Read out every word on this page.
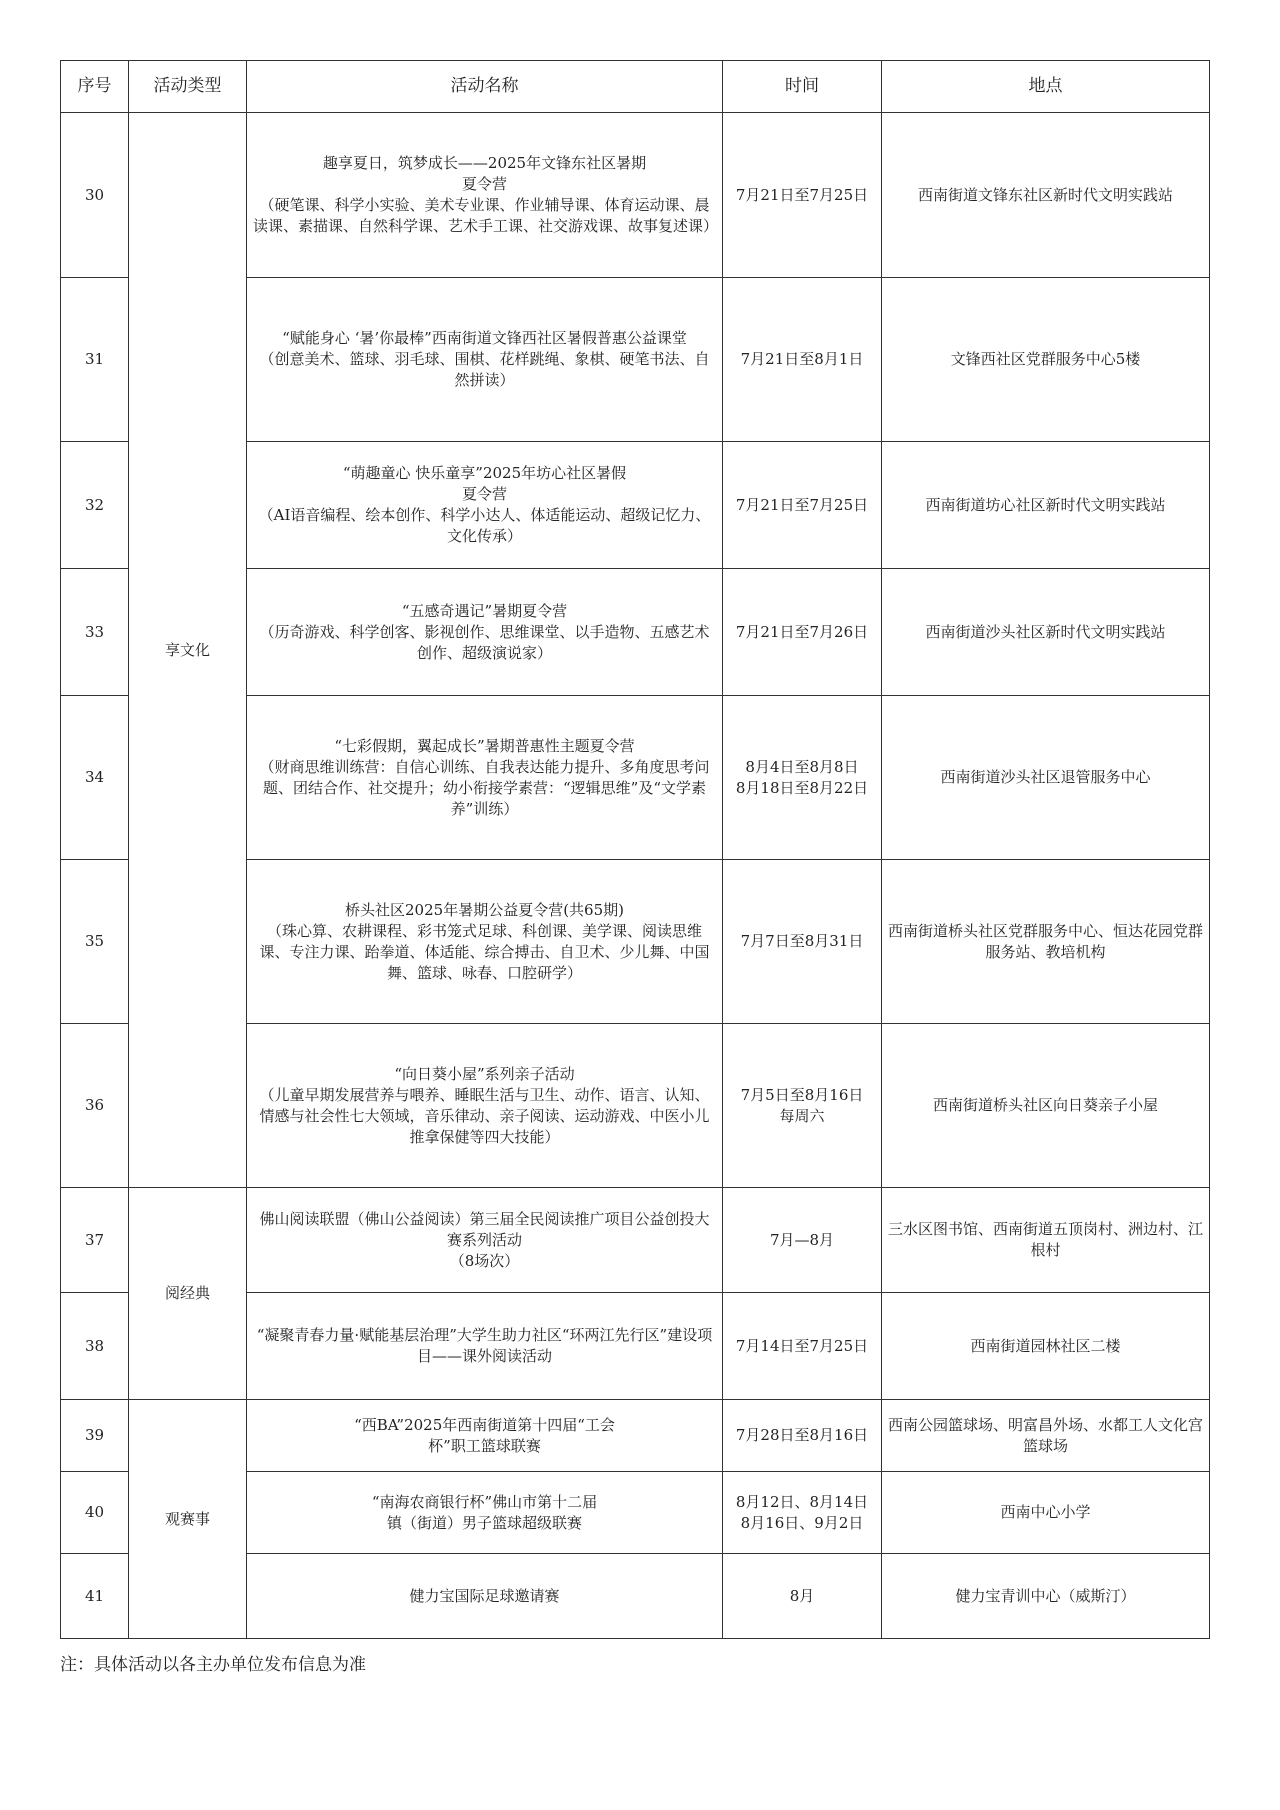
序号	活动类型	活动名称	时间	地点
30	享文化	趣享夏日，筑梦成长——2025年文锋东社区暑期
夏令营
（硬笔课、科学小实验、美术专业课、作业辅导课、体育运动课、晨读课、素描课、自然科学课、艺术手工课、社交游戏课、故事复述课）	7月21日至7月25日	西南街道文锋东社区新时代文明实践站
31		“赋能身心 ‘暑’你最棒”西南街道文锋西社区暑假普惠公益课堂
（创意美术、篮球、羽毛球、围棋、花样跳绳、象棋、硬笔书法、自然拼读）	7月21日至8月1日	文锋西社区党群服务中心5楼
32		“萌趣童心 快乐童享”2025年坊心社区暑假
夏令营
（AI语音编程、绘本创作、科学小达人、体适能运动、超级记忆力、文化传承）	7月21日至7月25日	西南街道坊心社区新时代文明实践站
33		“五感奇遇记”暑期夏令营
（历奇游戏、科学创客、影视创作、思维课堂、以手造物、五感艺术创作、超级演说家）	7月21日至7月26日	西南街道沙头社区新时代文明实践站
34		“七彩假期，翼起成长”暑期普惠性主题夏令营
（财商思维训练营：自信心训练、自我表达能力提升、多角度思考问题、团结合作、社交提升；幼小衔接学素营：“逻辑思维”及“文学素养”训练）	8月4日至8月8日
8月18日至8月22日	西南街道沙头社区退管服务中心
35		桥头社区2025年暑期公益夏令营(共65期)
（珠心算、农耕课程、彩书笼式足球、科创课、美学课、阅读思维课、专注力课、跆拳道、体适能、综合搏击、自卫术、少儿舞、中国舞、篮球、咏春、口腔研学）	7月7日至8月31日	西南街道桥头社区党群服务中心、恒达花园党群服务站、教培机构
36		“向日葵小屋”系列亲子活动
（儿童早期发展营养与喂养、睡眠生活与卫生、动作、语言、认知、情感与社会性七大领域，音乐律动、亲子阅读、运动游戏、中医小儿推拿保健等四大技能）	7月5日至8月16日
每周六	西南街道桥头社区向日葵亲子小屋
37	阅经典	佛山阅读联盟（佛山公益阅读）第三届全民阅读推广项目公益创投大赛系列活动
（8场次）	7月—8月	三水区图书馆、西南街道五顶岗村、洲边村、江根村
38		“凝聚青春力量·赋能基层治理”大学生助力社区“环两江先行区”建设项目——课外阅读活动	7月14日至7月25日	西南街道园林社区二楼
39	观赛事	“西BA”2025年西南街道第十四届“工会
杯”职工篮球联赛	7月28日至8月16日	西南公园篮球场、明富昌外场、水都工人文化宫篮球场
40		“南海农商银行杯”佛山市第十二届
镇（街道）男子篮球超级联赛	8月12日、8月14日
8月16日、9月2日	西南中心小学
41		健力宝国际足球邀请赛	8月	健力宝青训中心（威斯汀）
注：具体活动以各主办单位发布信息为准
